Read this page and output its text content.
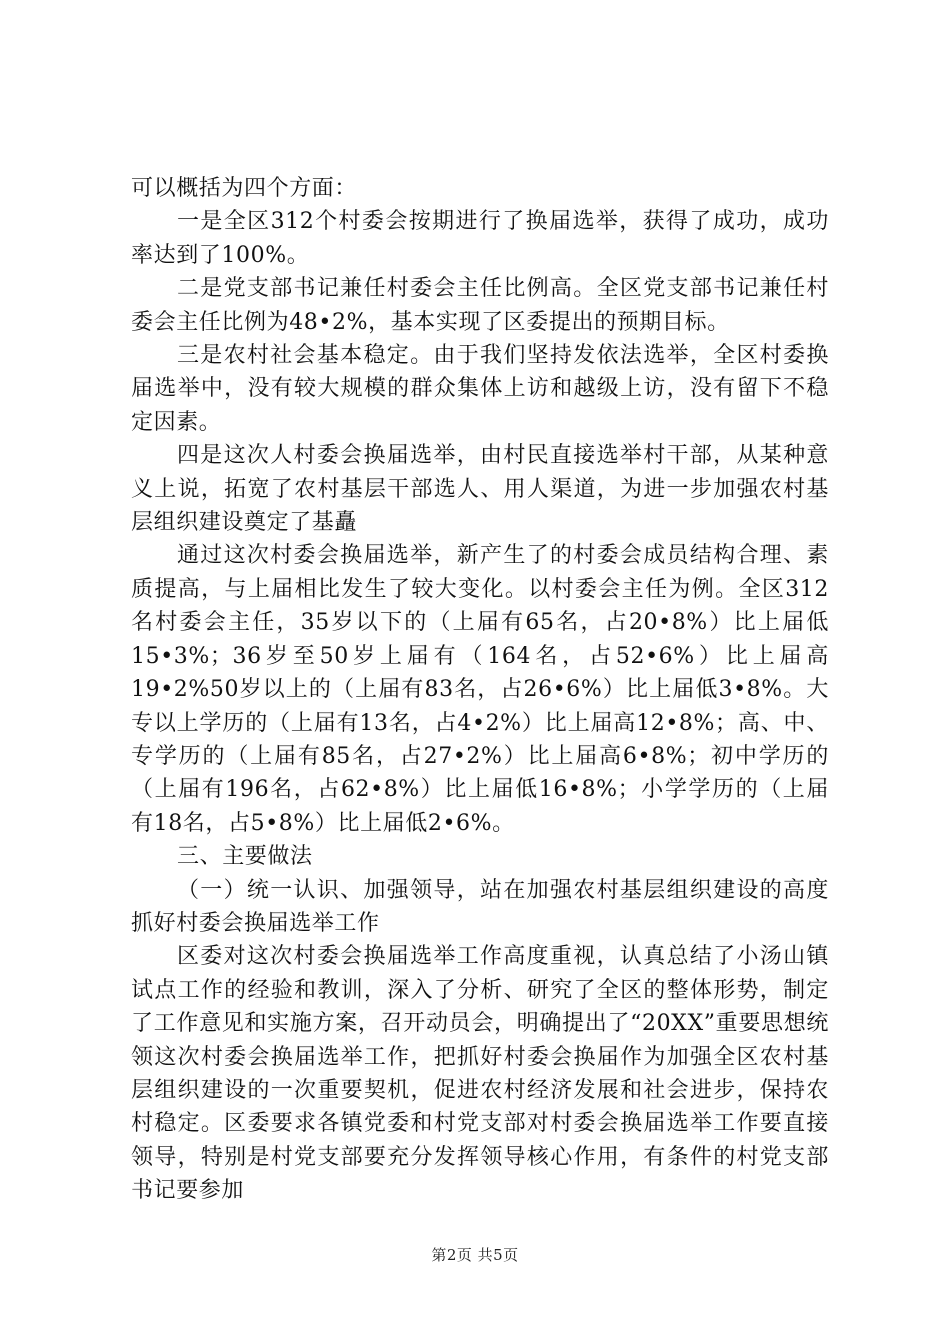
可以概括为四个方面：

一是全区312个村委会按期进行了换届选举，获得了成功，成功率达到了100%。

二是党支部书记兼任村委会主任比例高。全区党支部书记兼任村委会主任比例为48•2%，基本实现了区委提出的预期目标。

三是农村社会基本稳定。由于我们坚持发依法选举，全区村委换届选举中，没有较大规模的群众集体上访和越级上访，没有留下不稳定因素。

四是这次人村委会换届选举，由村民直接选举村干部，从某种意义上说，拓宽了农村基层干部选人、用人渠道，为进一步加强农村基层组织建设奠定了基矗

通过这次村委会换届选举，新产生了的村委会成员结构合理、素质提高，与上届相比发生了较大变化。以村委会主任为例。全区312名村委会主任，35岁以下的（上届有65名，占20•8%）比上届低15•3%；36岁至50岁上届有（164名，占52•6%）比上届高19•2%50岁以上的（上届有83名，占26•6%）比上届低3•8%。大专以上学历的（上届有13名，占4•2%）比上届高12•8%；高、中、专学历的（上届有85名，占27•2%）比上届高6•8%；初中学历的（上届有196名，占62•8%）比上届低16•8%；小学学历的（上届有18名，占5•8%）比上届低2•6%。

三、主要做法

（一）统一认识、加强领导，站在加强农村基层组织建设的高度抓好村委会换届选举工作

区委对这次村委会换届选举工作高度重视，认真总结了小汤山镇试点工作的经验和教训，深入了分析、研究了全区的整体形势，制定了工作意见和实施方案，召开动员会，明确提出了“20XX”重要思想统领这次村委会换届选举工作，把抓好村委会换届作为加强全区农村基层组织建设的一次重要契机，促进农村经济发展和社会进步，保持农村稳定。区委要求各镇党委和村党支部对村委会换届选举工作要直接领导，特别是村党支部要充分发挥领导核心作用，有条件的村党支部书记要参加

第2页 共5页
